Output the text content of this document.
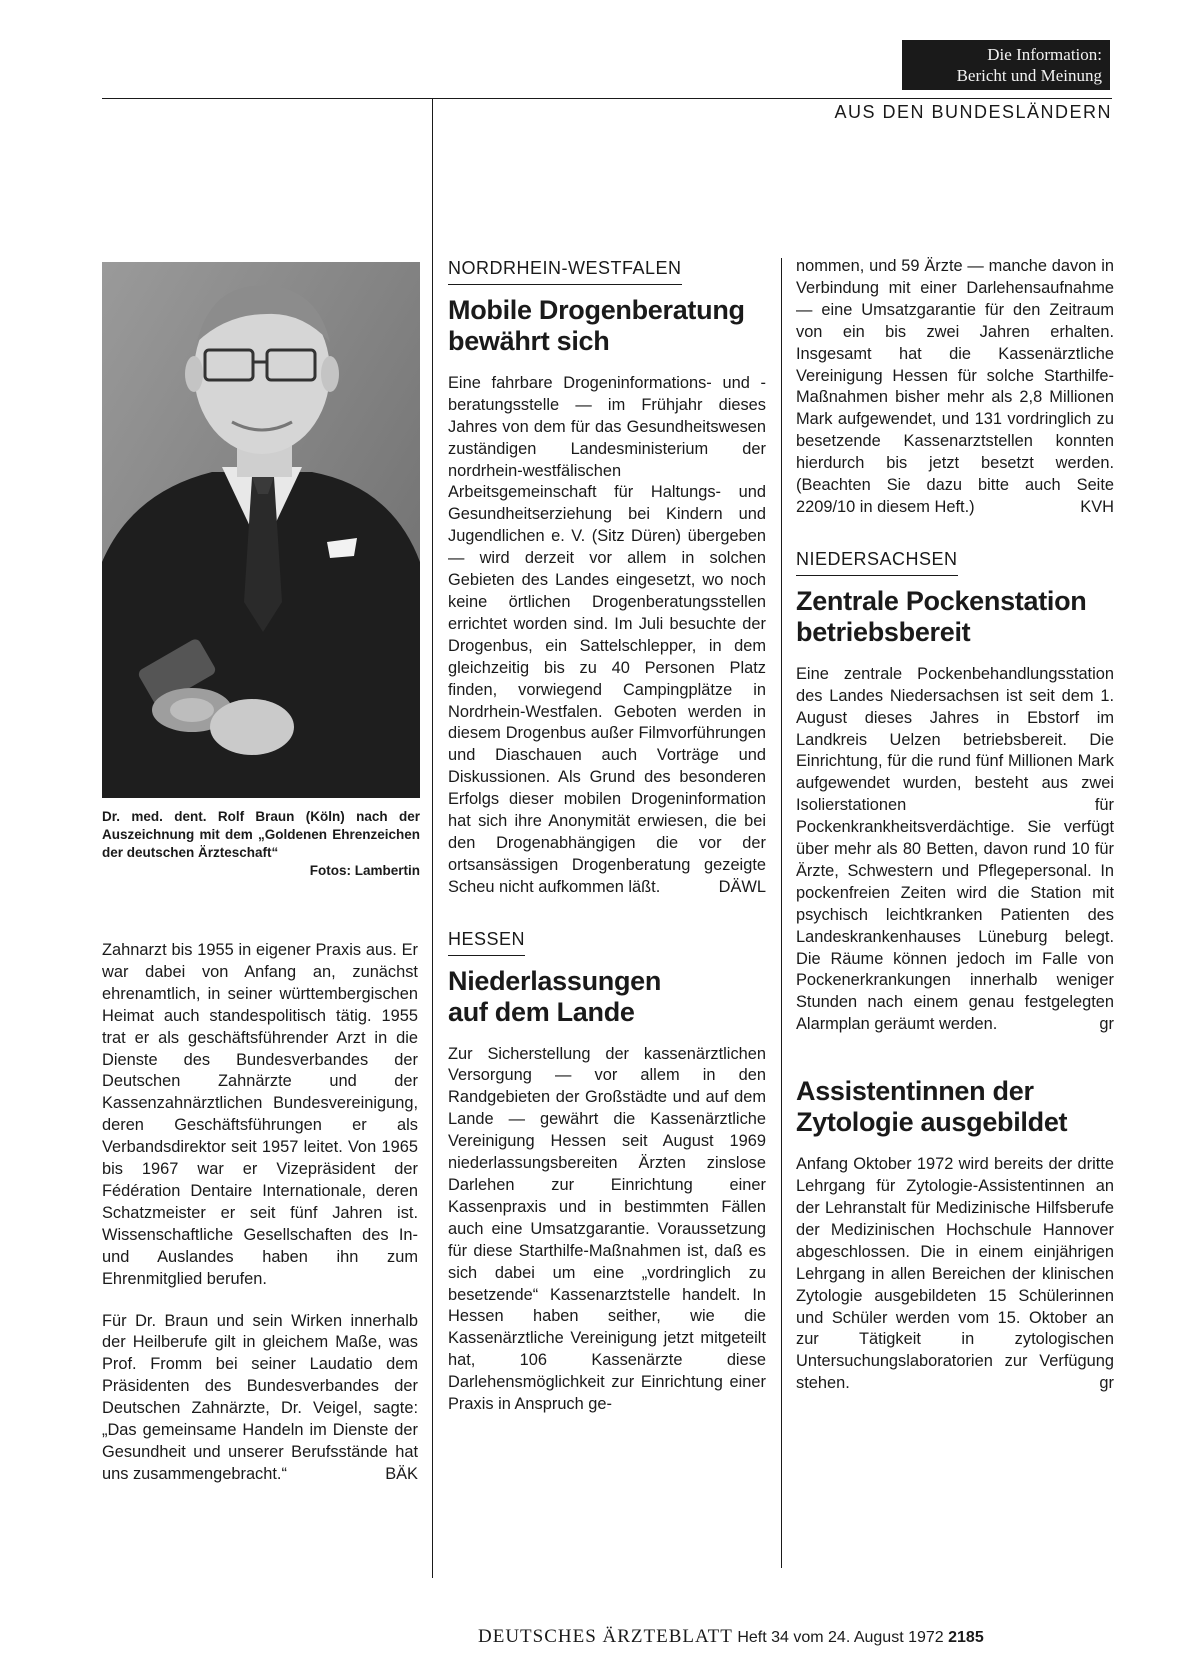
Die Information:
Bericht und Meinung
AUS DEN BUNDESLÄNDERN
Dr. med. dent. Rolf Braun (Köln) nach der Auszeichnung mit dem „Goldenen Ehrenzeichen der deutschen Ärzteschaft“
Fotos: Lambertin

Zahnarzt bis 1955 in eigener Praxis aus. Er war dabei von Anfang an, zunächst ehrenamtlich, in seiner württembergischen Heimat auch standespolitisch tätig. 1955 trat er als geschäftsführender Arzt in die Dienste des Bundesverbandes der Deutschen Zahnärzte und der Kassenzahnärztlichen Bundesvereinigung, deren Geschäftsführungen er als Verbandsdirektor seit 1957 leitet. Von 1965 bis 1967 war er Vizepräsident der Fédération Dentaire Internationale, deren Schatzmeister er seit fünf Jahren ist. Wissenschaftliche Gesellschaften des In- und Auslandes haben ihn zum Ehrenmitglied berufen.

Für Dr. Braun und sein Wirken innerhalb der Heilberufe gilt in gleichem Maße, was Prof. Fromm bei seiner Laudatio dem Präsidenten des Bundesverbandes der Deutschen Zahnärzte, Dr. Veigel, sagte: „Das gemeinsame Handeln im Dienste der Gesundheit und unserer Berufsstände hat uns zusammengebracht.“	BÄK

NORDRHEIN-WESTFALEN
Mobile Drogenberatung
bewährt sich

Eine fahrbare Drogeninformations- und -beratungsstelle — im Frühjahr dieses Jahres von dem für das Gesundheitswesen zuständigen Landesministerium der nordrhein-westfälischen Arbeitsgemeinschaft für Haltungs- und Gesundheitserziehung bei Kindern und Jugendlichen e. V. (Sitz Düren) übergeben — wird derzeit vor allem in solchen Gebieten des Landes eingesetzt, wo noch keine örtlichen Drogenberatungsstellen errichtet worden sind. Im Juli besuchte der Drogenbus, ein Sattelschlepper, in dem gleichzeitig bis zu 40 Personen Platz finden, vorwiegend Campingplätze in Nordrhein-Westfalen. Geboten werden in diesem Drogenbus außer Filmvorführungen und Diaschauen auch Vorträge und Diskussionen. Als Grund des besonderen Erfolgs dieser mobilen Drogeninformation hat sich ihre Anonymität erwiesen, die bei den Drogenabhängigen die vor der ortsansässigen Drogenberatung gezeigte Scheu nicht aufkommen läßt.	DÄWL

HESSEN
Niederlassungen
auf dem Lande

Zur Sicherstellung der kassenärztlichen Versorgung — vor allem in den Randgebieten der Großstädte und auf dem Lande — gewährt die Kassenärztliche Vereinigung Hessen seit August 1969 niederlassungsbereiten Ärzten zinslose Darlehen zur Einrichtung einer Kassenpraxis und in bestimmten Fällen auch eine Umsatzgarantie. Voraussetzung für diese Starthilfe-Maßnahmen ist, daß es sich dabei um eine „vordringlich zu besetzende“ Kassenarztstelle handelt. In Hessen haben seither, wie die Kassenärztliche Vereinigung jetzt mitgeteilt hat, 106 Kassenärzte diese Darlehensmöglichkeit zur Einrichtung einer Praxis in Anspruch ge-

nommen, und 59 Ärzte — manche davon in Verbindung mit einer Darlehensaufnahme — eine Umsatzgarantie für den Zeitraum von ein bis zwei Jahren erhalten. Insgesamt hat die Kassenärztliche Vereinigung Hessen für solche Starthilfe-Maßnahmen bisher mehr als 2,8 Millionen Mark aufgewendet, und 131 vordringlich zu besetzende Kassenarztstellen konnten hierdurch bis jetzt besetzt werden. (Beachten Sie dazu bitte auch Seite 2209/10 in diesem Heft.)	KVH

NIEDERSACHSEN
Zentrale Pockenstation
betriebsbereit

Eine zentrale Pockenbehandlungsstation des Landes Niedersachsen ist seit dem 1. August dieses Jahres in Ebstorf im Landkreis Uelzen betriebsbereit. Die Einrichtung, für die rund fünf Millionen Mark aufgewendet wurden, besteht aus zwei Isolierstationen für Pockenkrankheitsverdächtige. Sie verfügt über mehr als 80 Betten, davon rund 10 für Ärzte, Schwestern und Pflegepersonal. In pockenfreien Zeiten wird die Station mit psychisch leichtkranken Patienten des Landeskrankenhauses Lüneburg belegt. Die Räume können jedoch im Falle von Pockenerkrankungen innerhalb weniger Stunden nach einem genau festgelegten Alarmplan geräumt werden.	gr

Assistentinnen der
Zytologie ausgebildet

Anfang Oktober 1972 wird bereits der dritte Lehrgang für Zytologie-Assistentinnen an der Lehranstalt für Medizinische Hilfsberufe der Medizinischen Hochschule Hannover abgeschlossen. Die in einem einjährigen Lehrgang in allen Bereichen der klinischen Zytologie ausgebildeten 15 Schülerinnen und Schüler werden vom 15. Oktober an zur Tätigkeit in zytologischen Untersuchungslaboratorien zur Verfügung stehen.	gr

DEUTSCHES ÄRZTEBLATT Heft 34 vom 24. August 1972 2185
